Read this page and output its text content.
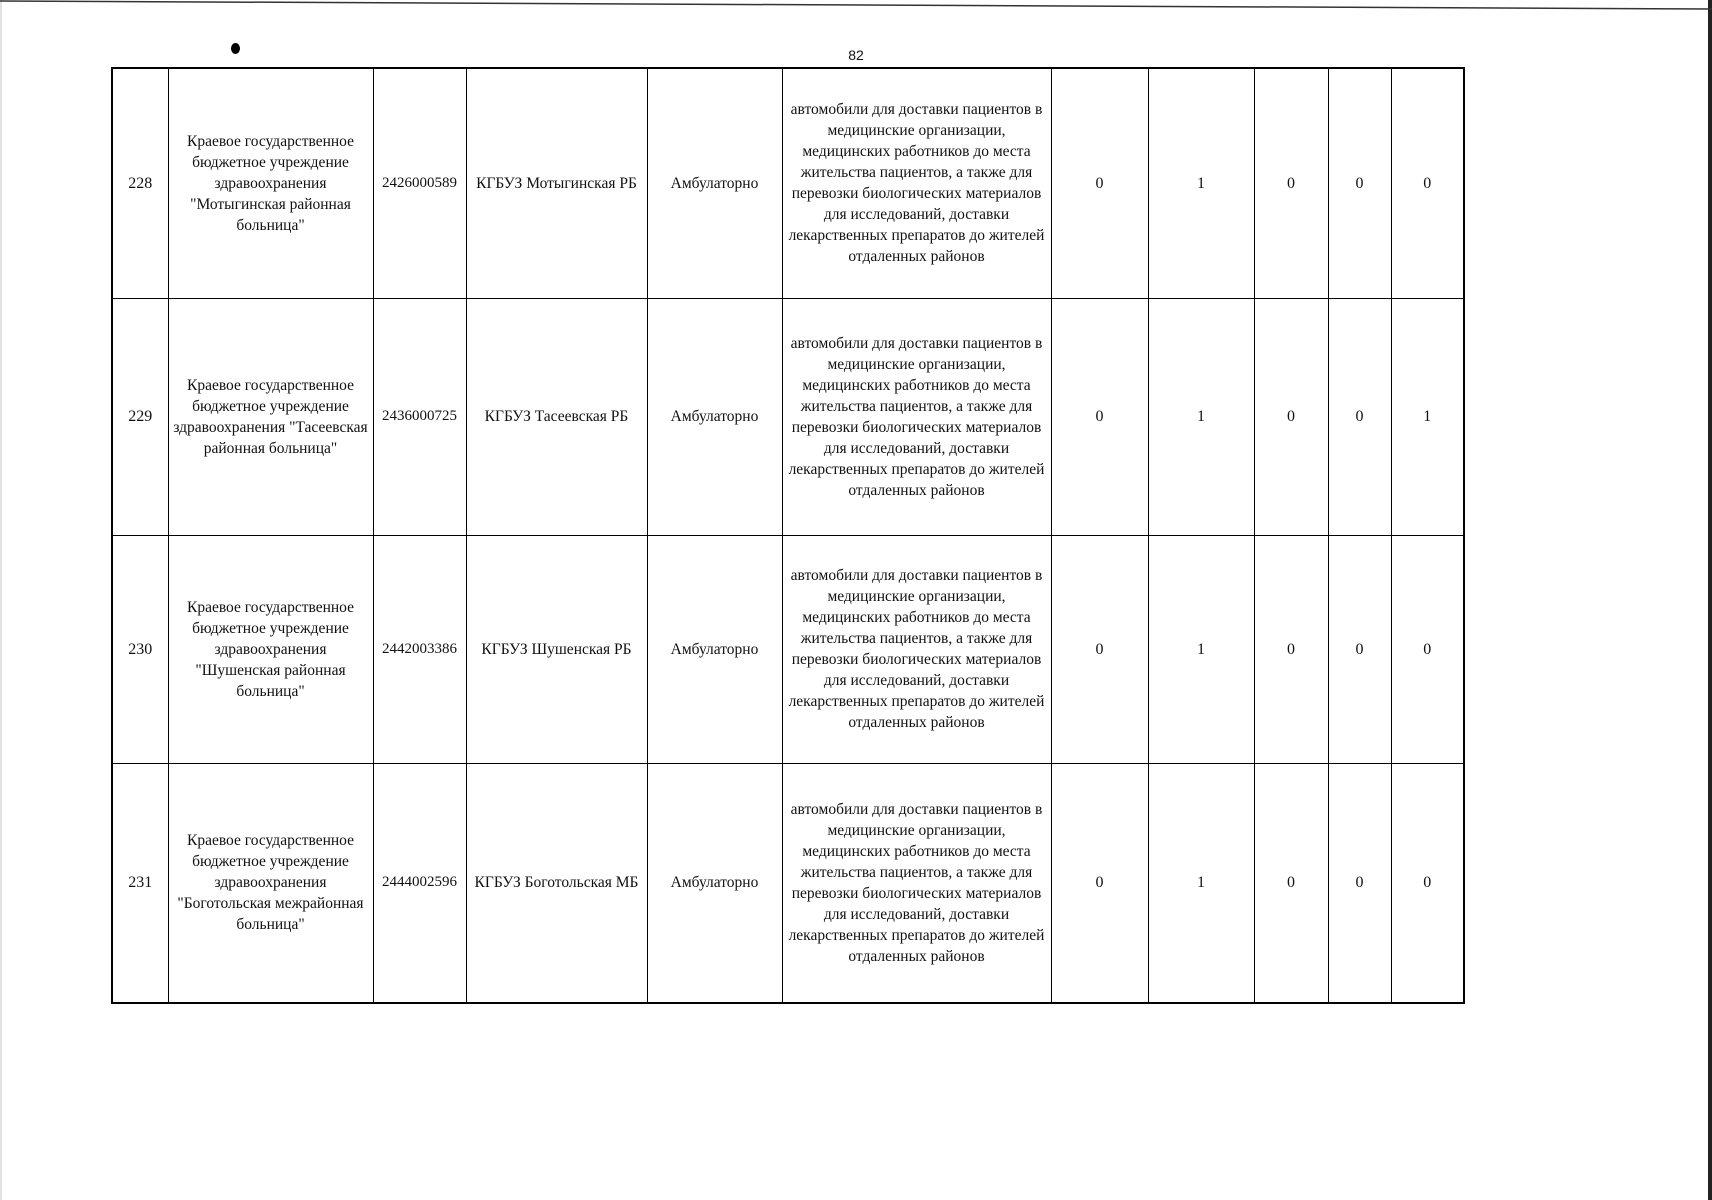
82
228	Краевое государственное бюджетное учреждение здравоохранения "Мотыгинская районная больница"	2426000589	КГБУЗ Мотыгинская РБ	Амбулаторно	автомобили для доставки пациентов в медицинские организации, медицинских работников до места жительства пациентов, а также для перевозки биологических материалов для исследований, доставки лекарственных препаратов до жителей отдаленных районов	0	1	0	0	0
229	Краевое государственное бюджетное учреждение здравоохранения "Тасеевская районная больница"	2436000725	КГБУЗ Тасеевская РБ	Амбулаторно	автомобили для доставки пациентов в медицинские организации, медицинских работников до места жительства пациентов, а также для перевозки биологических материалов для исследований, доставки лекарственных препаратов до жителей отдаленных районов	0	1	0	0	1
230	Краевое государственное бюджетное учреждение здравоохранения "Шушенская районная больница"	2442003386	КГБУЗ Шушенская РБ	Амбулаторно	автомобили для доставки пациентов в медицинские организации, медицинских работников до места жительства пациентов, а также для перевозки биологических материалов для исследований, доставки лекарственных препаратов до жителей отдаленных районов	0	1	0	0	0
231	Краевое государственное бюджетное учреждение здравоохранения "Боготольская межрайонная больница"	2444002596	КГБУЗ Боготольская МБ	Амбулаторно	автомобили для доставки пациентов в медицинские организации, медицинских работников до места жительства пациентов, а также для перевозки биологических материалов для исследований, доставки лекарственных препаратов до жителей отдаленных районов	0	1	0	0	0
